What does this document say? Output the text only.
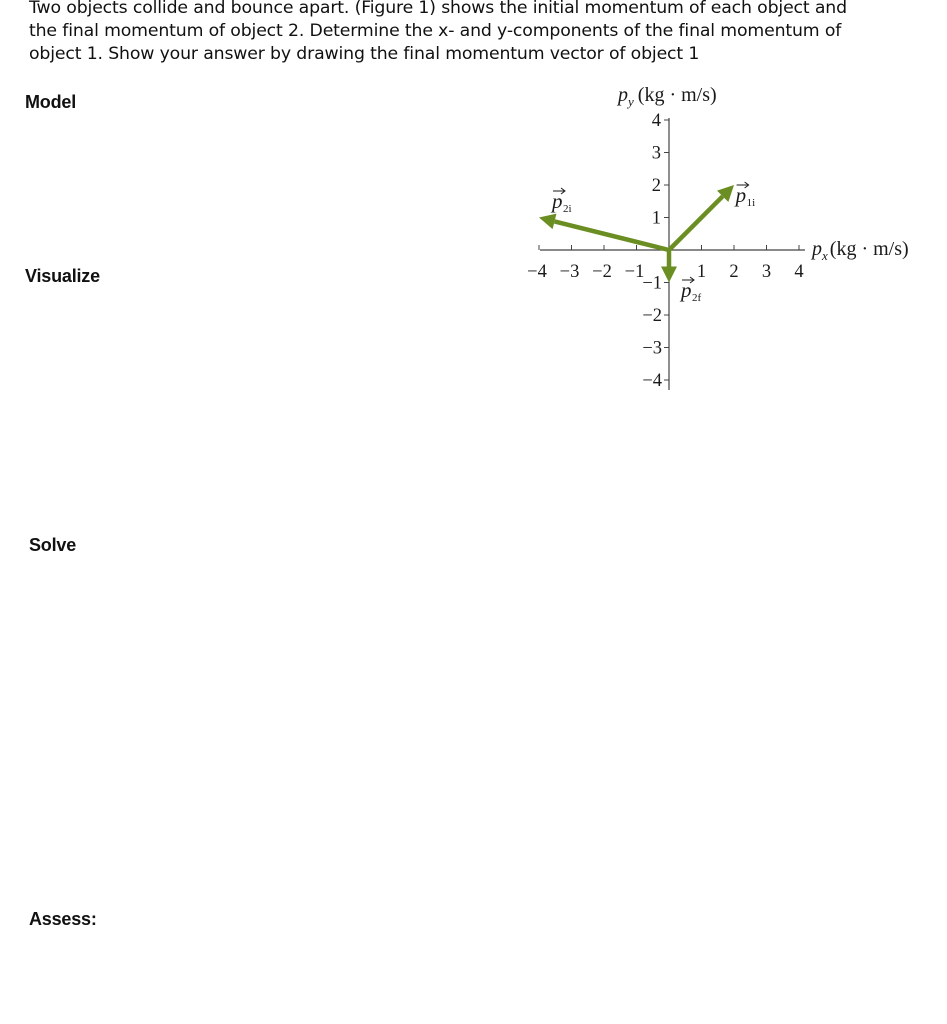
Two objects collide and bounce apart. (Figure 1) shows the initial momentum of each object and
the final momentum of object 2. Determine the x- and y-components of the final momentum of
object 1. Show your answer by drawing the final momentum vector of object 1
Model
Visualize
Solve
Assess:
$p_y$ (kg · m/s)
$p_x$ (kg · m/s)
4
3
2
1
−1
−2
−3
−4
−4 −3 −2 −1	1 2 3 4
p 1i
p 2i
p 2f
